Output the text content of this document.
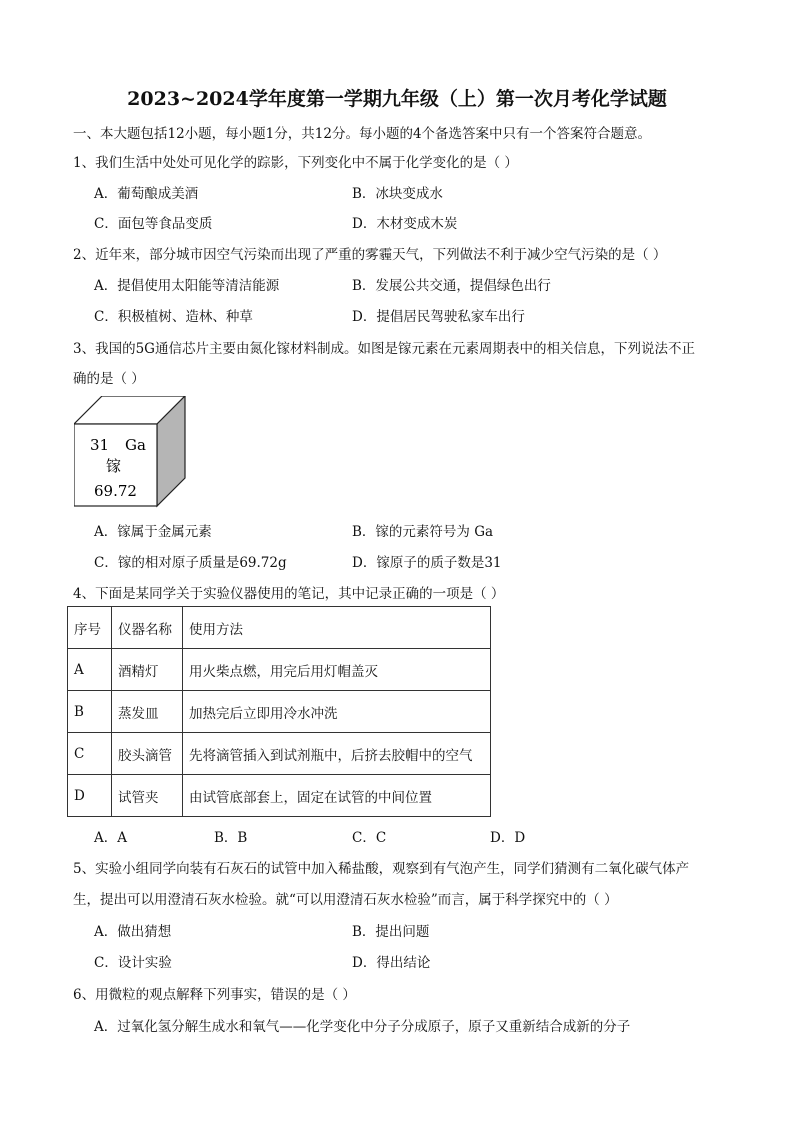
2023~2024学年度第一学期九年级（上）第一次月考化学试题
一、本大题包括12小题，每小题1分，共12分。每小题的4个备选答案中只有一个答案符合题意。
1、我们生活中处处可见化学的踪影，下列变化中不属于化学变化的是（ ）
A．葡萄酿成美酒	B．冰块变成水
C．面包等食品变质	D．木材变成木炭
2、近年来，部分城市因空气污染而出现了严重的雾霾天气，下列做法不利于减少空气污染的是（ ）
A．提倡使用太阳能等清洁能源	B．发展公共交通，提倡绿色出行
C．积极植树、造林、种草	D．提倡居民驾驶私家车出行
3、我国的5G通信芯片主要由氮化镓材料制成。如图是镓元素在元素周期表中的相关信息，下列说法不正
确的是（ ）
31 Ga
镓
69.72
A．镓属于金属元素	B．镓的元素符号为 Ga
C．镓的相对原子质量是69.72g	D．镓原子的质子数是31
4、下面是某同学关于实验仪器使用的笔记，其中记录正确的一项是（ ）
序号	仪器名称	使用方法
A	酒精灯	用火柴点燃，用完后用灯帽盖灭
B	蒸发皿	加热完后立即用冷水冲洗
C	胶头滴管	先将滴管插入到试剂瓶中，后挤去胶帽中的空气
D	试管夹	由试管底部套上，固定在试管的中间位置
A．A	B．B	C．C	D．D
5、实验小组同学向装有石灰石的试管中加入稀盐酸，观察到有气泡产生，同学们猜测有二氧化碳气体产
生，提出可以用澄清石灰水检验。就“可以用澄清石灰水检验”而言，属于科学探究中的（ ）
A．做出猜想	B．提出问题
C．设计实验	D．得出结论
6、用微粒的观点解释下列事实，错误的是（ ）
A．过氧化氢分解生成水和氧气——化学变化中分子分成原子，原子又重新结合成新的分子
